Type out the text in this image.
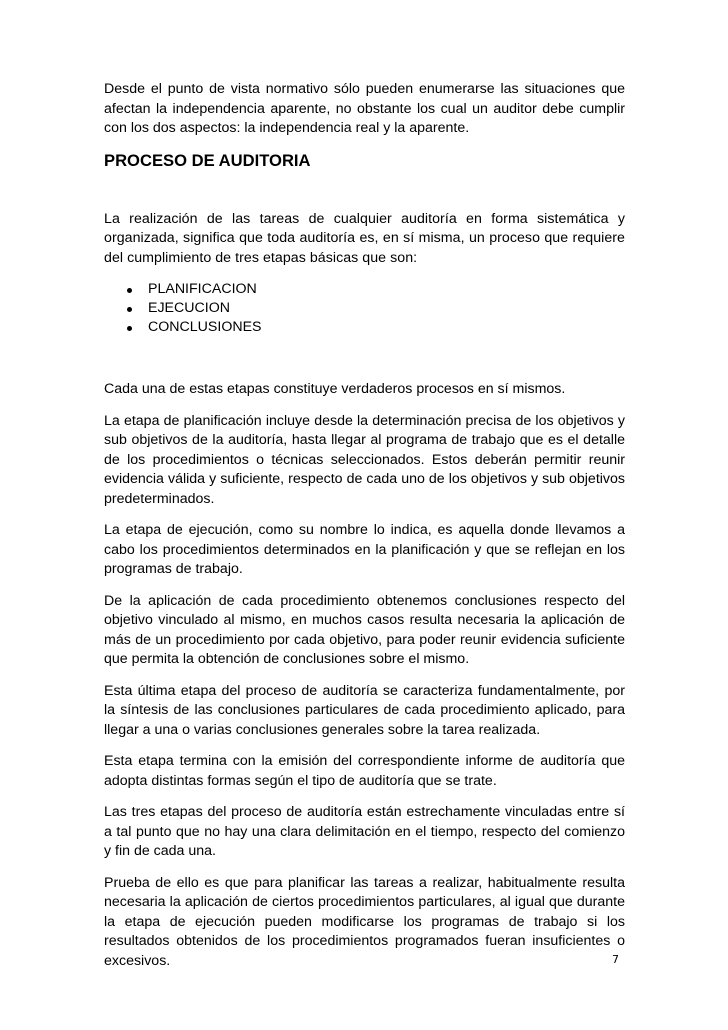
Desde el punto de vista normativo sólo pueden enumerarse las situaciones que afectan la independencia aparente, no obstante los cual un auditor debe cumplir con los dos aspectos: la independencia real y la aparente.

PROCESO DE AUDITORIA

La realización de las tareas de cualquier auditoría en forma sistemática y organizada, significa que toda auditoría es, en sí misma, un proceso que requiere del cumplimiento de tres etapas básicas que son:

PLANIFICACION
EJECUCION
CONCLUSIONES

Cada una de estas etapas constituye verdaderos procesos en sí mismos.

La etapa de planificación incluye desde la determinación precisa de los objetivos y sub objetivos de la auditoría, hasta llegar al programa de trabajo que es el detalle de los procedimientos o técnicas seleccionados. Estos deberán permitir reunir evidencia válida y suficiente, respecto de cada uno de los objetivos y sub objetivos predeterminados.

La etapa de ejecución, como su nombre lo indica, es aquella donde llevamos a cabo los procedimientos determinados en la planificación y que se reflejan en los programas de trabajo.

De la aplicación de cada procedimiento obtenemos conclusiones respecto del objetivo vinculado al mismo, en muchos casos resulta necesaria la aplicación de más de un procedimiento por cada objetivo, para poder reunir evidencia suficiente que permita la obtención de conclusiones sobre el mismo.

Esta última etapa del proceso de auditoría se caracteriza fundamentalmente, por la síntesis de las conclusiones particulares de cada procedimiento aplicado, para llegar a una o varias conclusiones generales sobre la tarea realizada.

Esta etapa termina con la emisión del correspondiente informe de auditoría que adopta distintas formas según el tipo de auditoría que se trate.

Las tres etapas del proceso de auditoría están estrechamente vinculadas entre sí a tal punto que no hay una clara delimitación en el tiempo, respecto del comienzo y fin de cada una.

Prueba de ello es que para planificar las tareas a realizar, habitualmente resulta necesaria la aplicación de ciertos procedimientos particulares, al igual que durante la etapa de ejecución pueden modificarse los programas de trabajo si los resultados obtenidos de los procedimientos programados fueran insuficientes o excesivos.	7
